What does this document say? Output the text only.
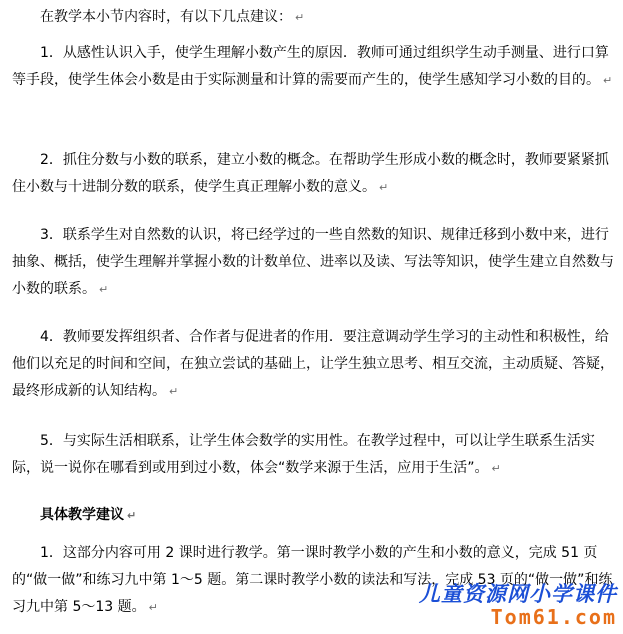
在教学本小节内容时，有以下几点建议： ↵

1．从感性认识入手，使学生理解小数产生的原因．教师可通过组织学生动手测量、进行口算等手段，使学生体会小数是由于实际测量和计算的需要而产生的，使学生感知学习小数的目的。 ↵

2．抓住分数与小数的联系，建立小数的概念。在帮助学生形成小数的概念时，教师要紧紧抓住小数与十进制分数的联系，使学生真正理解小数的意义。 ↵

3．联系学生对自然数的认识，将已经学过的一些自然数的知识、规律迁移到小数中来，进行抽象、概括，使学生理解并掌握小数的计数单位、进率以及读、写法等知识，使学生建立自然数与小数的联系。 ↵

4．教师要发挥组织者、合作者与促进者的作用．要注意调动学生学习的主动性和积极性，给他们以充足的时间和空间，在独立尝试的基础上，让学生独立思考、相互交流，主动质疑、答疑，最终形成新的认知结构。 ↵

5．与实际生活相联系，让学生体会数学的实用性。在教学过程中，可以让学生联系生活实际，说一说你在哪看到或用到过小数，体会“数学来源于生活，应用于生活”。 ↵

具体教学建议 ↵

1．这部分内容可用 2 课时进行教学。第一课时教学小数的产生和小数的意义，完成 51 页的“做一做”和练习九中第 1～5 题。第二课时教学小数的读法和写法，完成 53 页的“做一做”和练习九中第 5～13 题。 ↵

儿童资源网小学课件
Tom61.com
